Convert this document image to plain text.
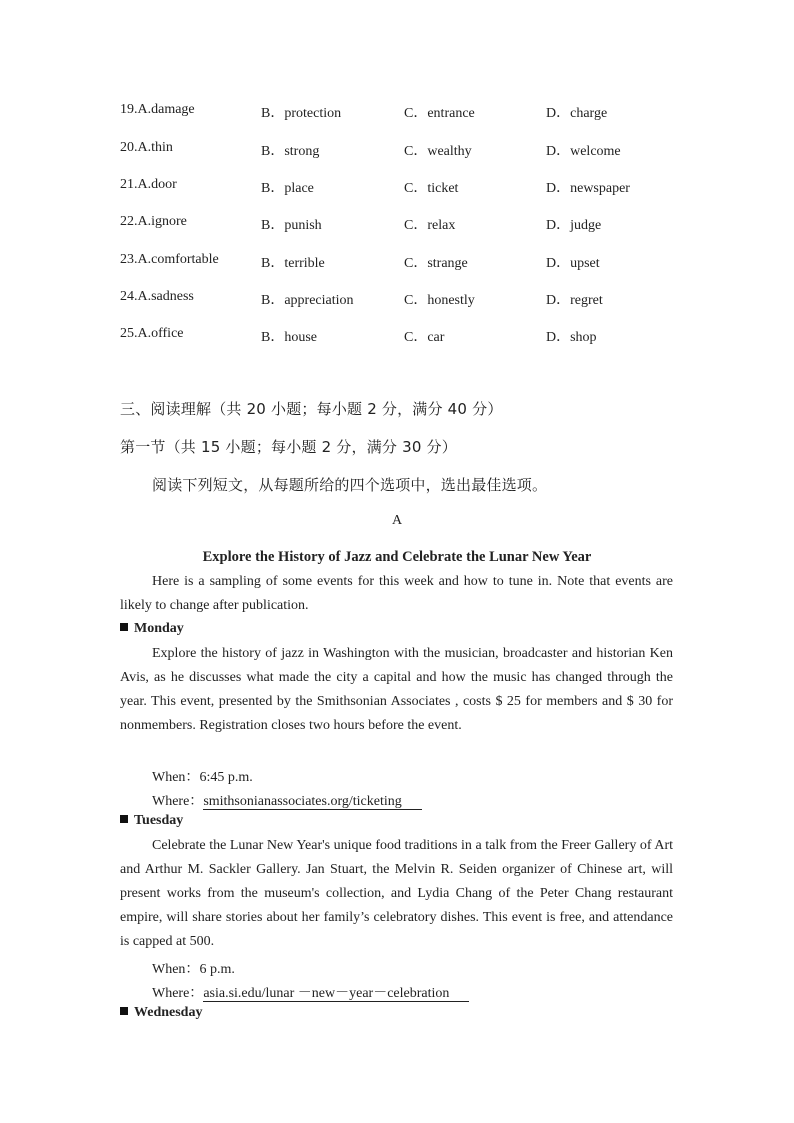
19.A.damage	B．protection	C．entrance	D．charge
20.A.thin	B．strong	C．wealthy	D．welcome
21.A.door	B．place	C．ticket	D．newspaper
22.A.ignore	B．punish	C．relax	D．judge
23.A.comfortable	B．terrible	C．strange	D．upset
24.A.sadness	B．appreciation	C．honestly	D．regret
25.A.office	B．house	C．car	D．shop
三、阅读理解（共 20 小题；每小题 2 分，满分 40 分）
第一节（共 15 小题；每小题 2 分，满分 30 分）
阅读下列短文，从每题所给的四个选项中，选出最佳选项。
A
Explore the History of Jazz and Celebrate the Lunar New Year
Here is a sampling of some events for this week and how to tune in. Note that events are likely to change after publication.
Monday
Explore the history of jazz in Washington with the musician, broadcaster and historian Ken Avis, as he discusses what made the city a capital and how the music has changed through the year. This event, presented by the Smithsonian Associates , costs $ 25 for members and $ 30 for nonmembers. Registration closes two hours before the event.
When：6:45 p.m.
Where：smithsonianassociates.org/ticketing
Tuesday
Celebrate the Lunar New Year's unique food traditions in a talk from the Freer Gallery of Art and Arthur M. Sackler Gallery. Jan Stuart, the Melvin R. Seiden organizer of Chinese art, will present works from the museum's collection, and Lydia Chang of the Peter Chang restaurant empire, will share stories about her family’s celebratory dishes. This event is free, and attendance is capped at 500.
When：6 p.m.
Where：asia.si.edu/lunar －new－year－celebration
Wednesday
